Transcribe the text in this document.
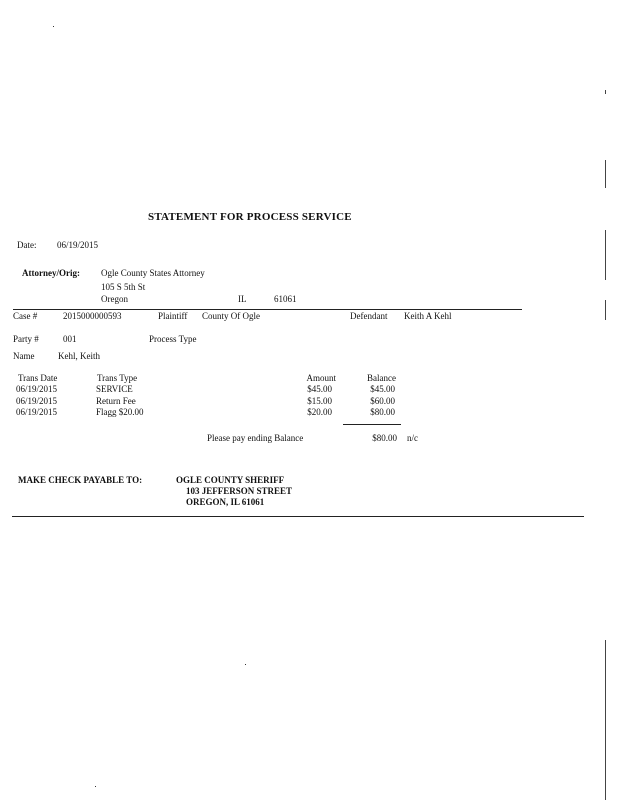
STATEMENT FOR PROCESS SERVICE
Date: 06/19/2015
Attorney/Orig: Ogle County States Attorney
105 S 5th St
Oregon	IL	61061
Case #	2015000000593	Plaintiff County Of Ogle	Defendant Keith A Kehl
Party #	001	Process Type
Name	Kehl, Keith
Trans Date	Trans Type	Amount	Balance
06/19/2015	SERVICE	$45.00	$45.00
06/19/2015	Return Fee	$15.00	$60.00
06/19/2015	Flagg $20.00	$20.00	$80.00
Please pay ending Balance	$80.00 n/c
MAKE CHECK PAYABLE TO:	OGLE COUNTY SHERIFF
103 JEFFERSON STREET
OREGON, IL 61061
